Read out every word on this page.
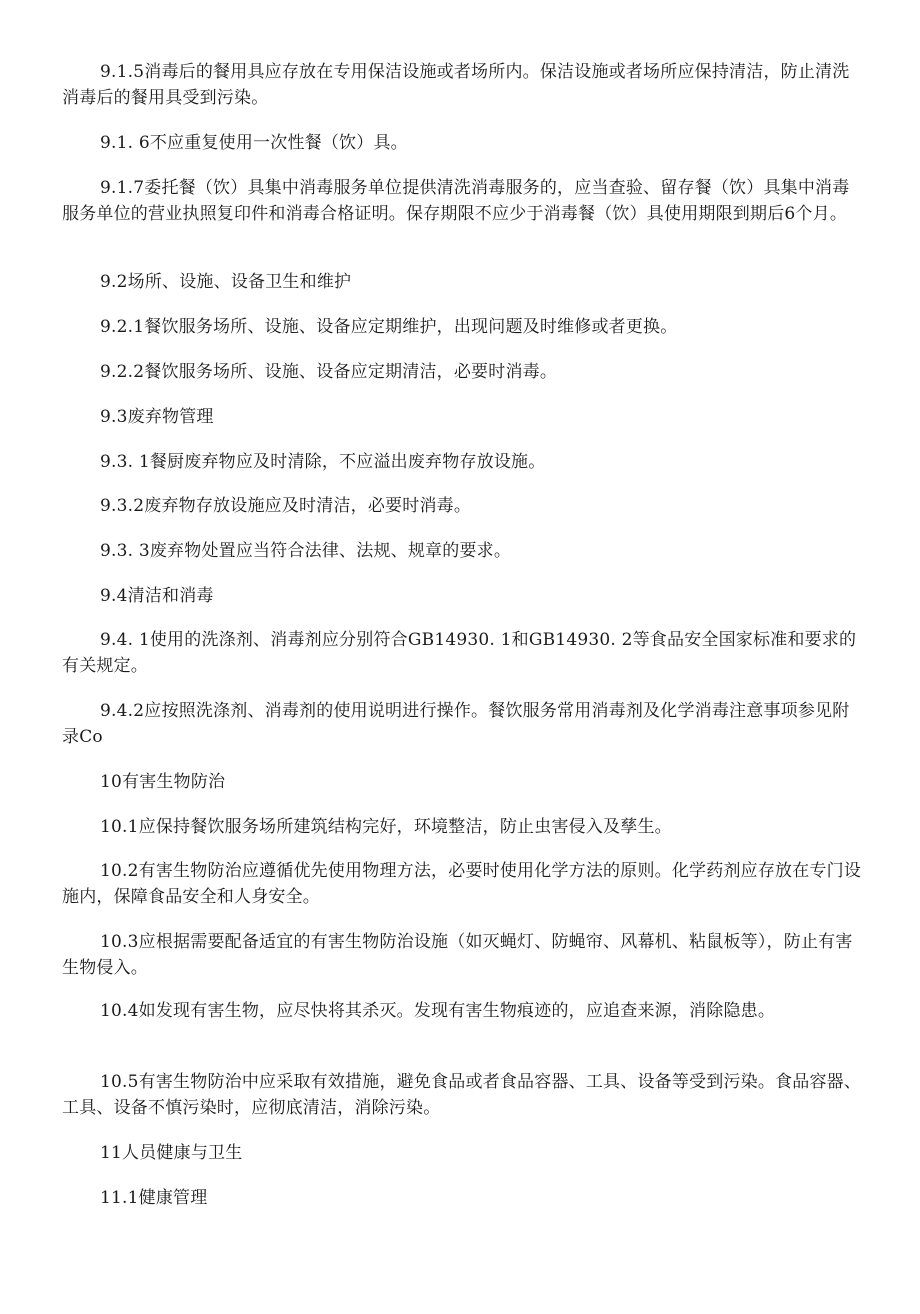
9.1.5消毒后的餐用具应存放在专用保洁设施或者场所内。保洁设施或者场所应保持清洁，防止清洗消毒后的餐用具受到污染。

9.1. 6不应重复使用一次性餐（饮）具。

9.1.7委托餐（饮）具集中消毒服务单位提供清洗消毒服务的，应当查验、留存餐（饮）具集中消毒服务单位的营业执照复印件和消毒合格证明。保存期限不应少于消毒餐（饮）具使用期限到期后6个月。

9.2场所、设施、设备卫生和维护

9.2.1餐饮服务场所、设施、设备应定期维护，出现问题及时维修或者更换。

9.2.2餐饮服务场所、设施、设备应定期清洁，必要时消毒。

9.3废弃物管理

9.3. 1餐厨废弃物应及时清除，不应溢出废弃物存放设施。

9.3.2废弃物存放设施应及时清洁，必要时消毒。

9.3. 3废弃物处置应当符合法律、法规、规章的要求。

9.4清洁和消毒

9.4. 1使用的洗涤剂、消毒剂应分别符合GB14930. 1和GB14930. 2等食品安全国家标准和要求的有关规定。

9.4.2应按照洗涤剂、消毒剂的使用说明进行操作。餐饮服务常用消毒剂及化学消毒注意事项参见附录Co

10有害生物防治

10.1应保持餐饮服务场所建筑结构完好，环境整洁，防止虫害侵入及孳生。

10.2有害生物防治应遵循优先使用物理方法，必要时使用化学方法的原则。化学药剂应存放在专门设施内，保障食品安全和人身安全。

10.3应根据需要配备适宜的有害生物防治设施（如灭蝇灯、防蝇帘、风幕机、粘鼠板等），防止有害生物侵入。

10.4如发现有害生物，应尽快将其杀灭。发现有害生物痕迹的，应追查来源，消除隐患。

10.5有害生物防治中应采取有效措施，避免食品或者食品容器、工具、设备等受到污染。食品容器、工具、设备不慎污染时，应彻底清洁，消除污染。

11人员健康与卫生

11.1健康管理
